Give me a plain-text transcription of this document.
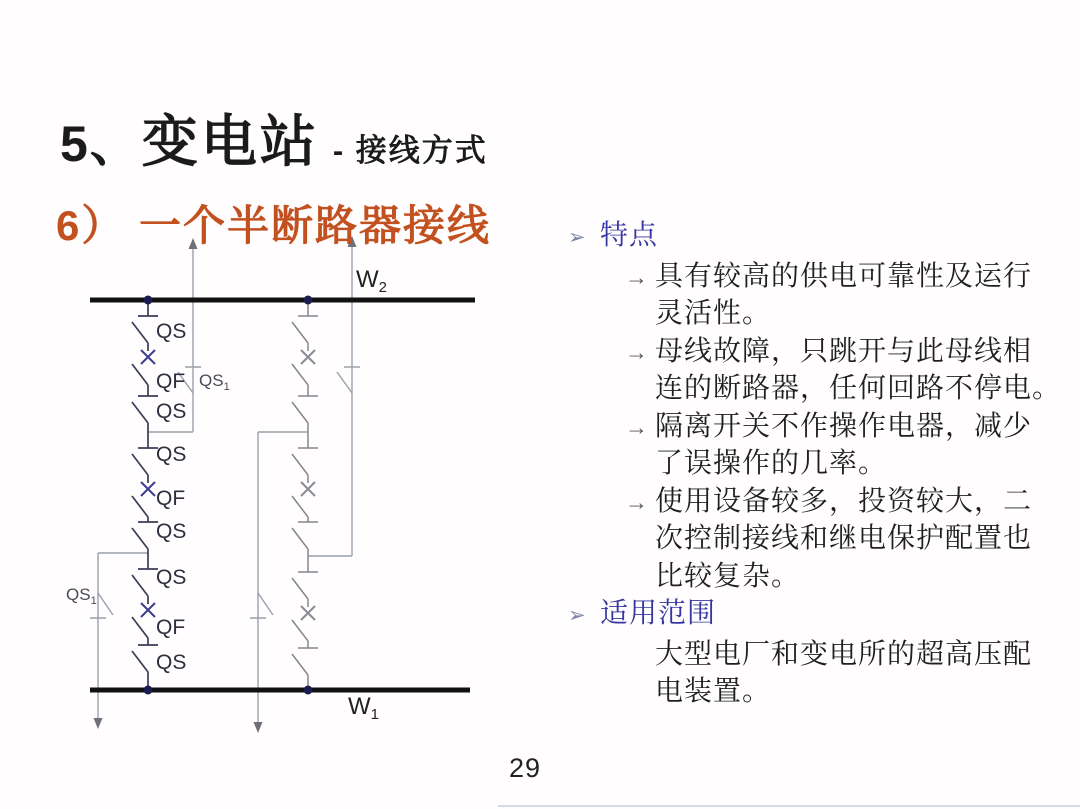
5、 变电站 - 接线方式
6） 一个半断路器接线
$W_2$
$W_1$
QS
QF
QS
QS
QF
QS
QS
QF
QS
$QS_1$
$QS_1$
➢ 特点
→ 具有较高的供电可靠性及运行
灵活性。
→ 母线故障，只跳开与此母线相
连的断路器，任何回路不停电。
→ 隔离开关不作操作电器，减少
了误操作的几率。
→ 使用设备较多，投资较大，二
次控制接线和继电保护配置也
比较复杂。
➢ 适用范围
大型电厂和变电所的超高压配
电装置。
29
